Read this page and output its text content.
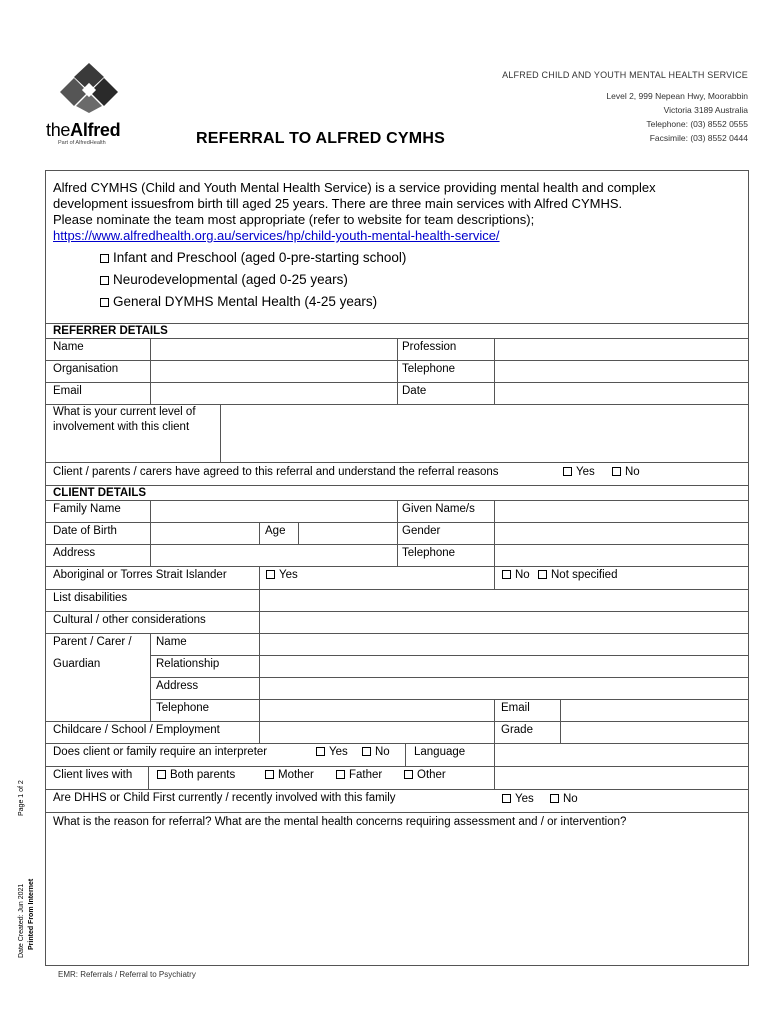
theAlfred
Part of AlfredHealth
ALFRED CHILD AND YOUTH MENTAL HEALTH SERVICE
Level 2, 999 Nepean Hwy, Moorabbin
Victoria 3189 Australia
Telephone: (03) 8552 0555
Facsimile: (03) 8552 0444
REFERRAL TO ALFRED CYMHS
Alfred CYMHS (Child and Youth Mental Health Service) is a service providing mental health and complex
development issuesfrom birth till aged 25 years. There are three main services with Alfred CYMHS.
Please nominate the team most appropriate (refer to website for team descriptions);
https://www.alfredhealth.org.au/services/hp/child-youth-mental-health-service/
Infant and Preschool (aged 0-pre-starting school)
Neurodevelopmental (aged 0-25 years)
General DYMHS Mental Health (4-25 years)
REFERRER DETAILS
Name	Profession
Organisation	Telephone
Email	Date
What is your current level of
involvement with this client
Client / parents / carers have agreed to this referral and understand the referral reasons	Yes	No
CLIENT DETAILS
Family Name	Given Name/s
Date of Birth	Age	Gender
Address	Telephone
Aboriginal or Torres Strait Islander	Yes	No	Not specified
List disabilities
Cultural / other considerations
Parent / Carer /
Guardian
Name
Relationship
Address
Telephone	Email
Childcare / School / Employment	Grade
Does client or family require an interpreter	Yes	No Language
Client lives with	Both parents	Mother	Father	Other
Are DHHS or Child First currently / recently involved with this family	Yes	No
What is the reason for referral? What are the mental health concerns requiring assessment and / or intervention?
Page 1 of 2
Date Created: Jun 2021 Printed From Internet
EMR: Referrals / Referral to Psychiatry
